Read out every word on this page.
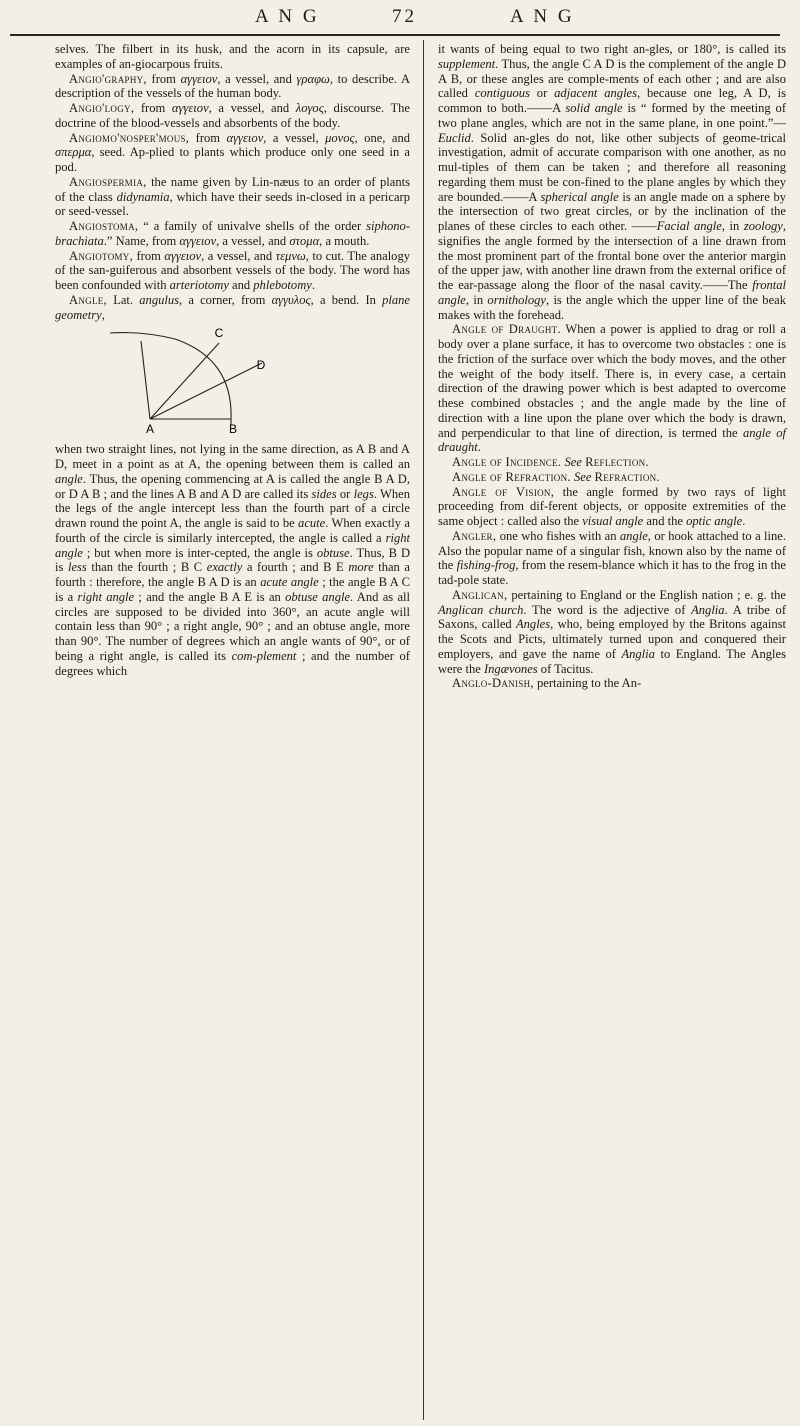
A N G	72	A N G

selves. The filbert in its husk, and the acorn in its capsule, are examples of an-giocarpous fruits.

Angio'graphy, from αγγειον, a vessel, and γραφω, to describe. A description of the vessels of the human body.

Angio'logy, from αγγειον, a vessel, and λογος, discourse. The doctrine of the blood-vessels and absorbents of the body.

Angiomo'nosper'mous, from αγγειον, a vessel, μονος, one, and σπερμα, seed. Ap-plied to plants which produce only one seed in a pod.

Angiospermia, the name given by Lin-næus to an order of plants of the class didynamia, which have their seeds in-closed in a pericarp or seed-vessel.

Angiostoma, “ a family of univalve shells of the order siphono-brachiata.” Name, from αγγειον, a vessel, and στομα, a mouth.

Angiotomy, from αγγειον, a vessel, and τεμνω, to cut. The analogy of the san-guiferous and absorbent vessels of the body. The word has been confounded with arteriotomy and phlebotomy.

Angle, Lat. angulus, a corner, from αγγυλος, a bend. In plane geometry,

C
D
A	B

when two straight lines, not lying in the same direction, as A B and A D, meet in a point as at A, the opening between them is called an angle. Thus, the opening commencing at A is called the angle B A D, or D A B ; and the lines A B and A D are called its sides or legs. When the legs of the angle intercept less than the fourth part of a circle drawn round the point A, the angle is said to be acute. When exactly a fourth of the circle is similarly intercepted, the angle is called a right angle ; but when more is inter-cepted, the angle is obtuse. Thus, B D is less than the fourth ; B C exactly a fourth ; and B E more than a fourth : therefore, the angle B A D is an acute angle ; the angle B A C is a right angle ; and the angle B A E is an obtuse angle. And as all circles are supposed to be divided into 360°, an acute angle will contain less than 90° ; a right angle, 90° ; and an obtuse angle, more than 90°. The number of degrees which an angle wants of 90°, or of being a right angle, is called its com-plement ; and the number of degrees which

it wants of being equal to two right an-gles, or 180°, is called its supplement. Thus, the angle C A D is the complement of the angle D A B, or these angles are comple-ments of each other ; and are also called contiguous or adjacent angles, because one leg, A D, is common to both.——A solid angle is “ formed by the meeting of two plane angles, which are not in the same plane, in one point.”—Euclid. Solid an-gles do not, like other subjects of geome-trical investigation, admit of accurate comparison with one another, as no mul-tiples of them can be taken ; and therefore all reasoning regarding them must be con-fined to the plane angles by which they are bounded.——A spherical angle is an angle made on a sphere by the intersection of two great circles, or by the inclination of the planes of these circles to each other. ——Facial angle, in zoology, signifies the angle formed by the intersection of a line drawn from the most prominent part of the frontal bone over the anterior margin of the upper jaw, with another line drawn from the external orifice of the ear-passage along the floor of the nasal cavity.——The frontal angle, in ornithology, is the angle which the upper line of the beak makes with the forehead.

Angle of Draught. When a power is applied to drag or roll a body over a plane surface, it has to overcome two obstacles : one is the friction of the surface over which the body moves, and the other the weight of the body itself. There is, in every case, a certain direction of the drawing power which is best adapted to overcome these combined obstacles ; and the angle made by the line of direction with a line upon the plane over which the body is drawn, and perpendicular to that line of direction, is termed the angle of draught.

Angle of Incidence. See Reflection.

Angle of Refraction. See Refraction.

Angle of Vision, the angle formed by two rays of light proceeding from dif-ferent objects, or opposite extremities of the same object : called also the visual angle and the optic angle.

Angler, one who fishes with an angle, or hook attached to a line. Also the popular name of a singular fish, known also by the name of the fishing-frog, from the resem-blance which it has to the frog in the tad-pole state.

Anglican, pertaining to England or the English nation ; e. g. the Anglican church. The word is the adjective of Anglia. A tribe of Saxons, called Angles, who, being employed by the Britons against the Scots and Picts, ultimately turned upon and conquered their employers, and gave the name of Anglia to England. The Angles were the Ingævones of Tacitus.

Anglo-Danish, pertaining to the An-
